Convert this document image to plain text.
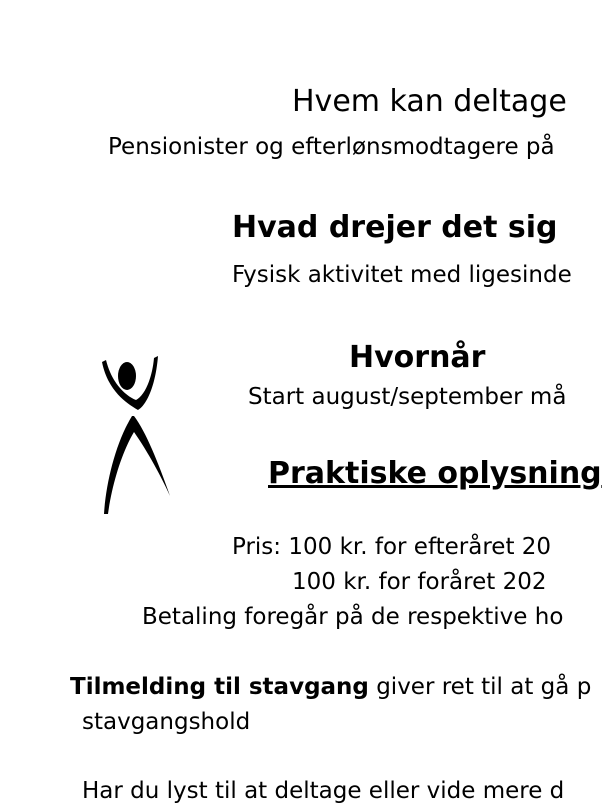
Hvem kan deltage
Pensionister og efterlønsmodtagere på
Hvad drejer det sig
Fysisk aktivitet med ligesinde
Hvornår
Start august/september må
Praktiske oplysning
Pris: 100 kr. for efteråret 20
100 kr. for foråret 202
Betaling foregår på de respektive ho
Tilmelding til stavgang giver ret til at gå p
stavgangshold
Har du lyst til at deltage eller vide mere d
